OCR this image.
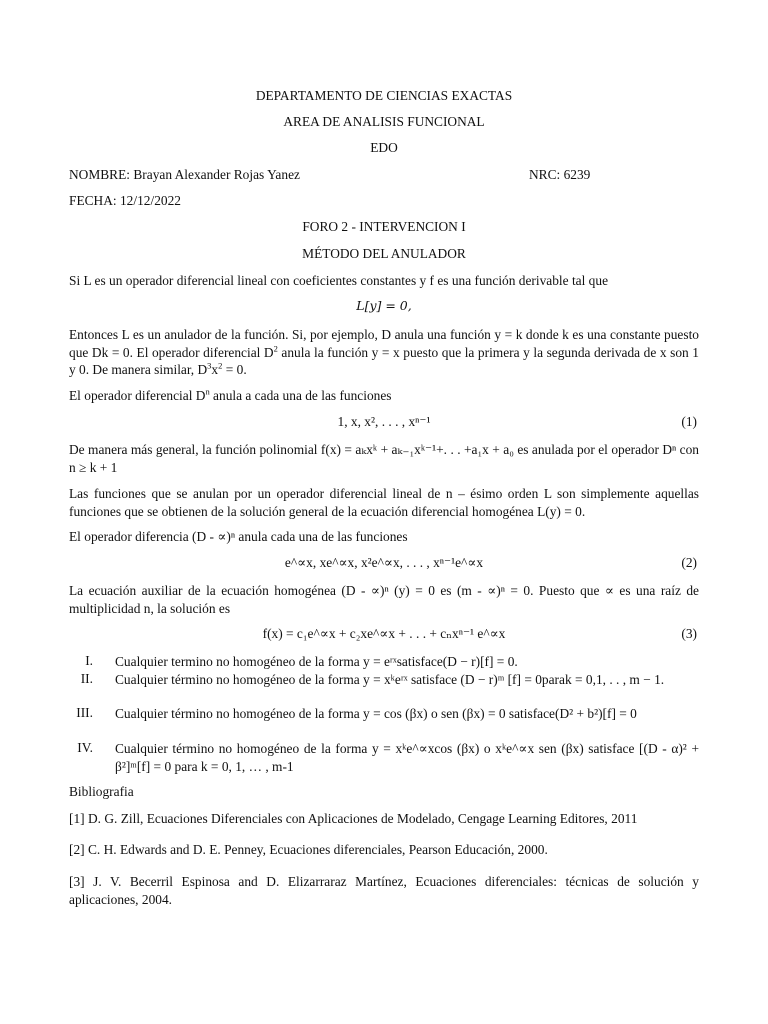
DEPARTAMENTO DE CIENCIAS EXACTAS
AREA DE ANALISIS FUNCIONAL
EDO
NOMBRE: Brayan Alexander Rojas Yanez	NRC: 6239
FECHA: 12/12/2022
FORO 2 - INTERVENCION I
MÉTODO DEL ANULADOR
Si L es un operador diferencial lineal con coeficientes constantes y f es una función derivable tal que
L[y] = 0,
Entonces L es un anulador de la función. Si, por ejemplo, D anula una función y = k donde k es una constante puesto que Dk = 0. El operador diferencial $D^2$ anula la función y = x puesto que la primera y la segunda derivada de x son 1 y 0. De manera similar, $D^3x^2 = 0$.
El operador diferencial $D^n$ anula a cada una de las funciones
1, x, x², . . . , xⁿ⁻¹	(1)
De manera más general, la función polinomial f(x) = aₖxᵏ + aₖ₋₁xᵏ⁻¹+. . . +a₁x + a₀ es anulada por el operador Dⁿ con n ≥ k + 1
Las funciones que se anulan por un operador diferencial lineal de n – ésimo orden L son simplemente aquellas funciones que se obtienen de la solución general de la ecuación diferencial homogénea L(y) = 0.
El operador diferencia (D - ∝)ⁿ anula cada una de las funciones
e^∝x, xe^∝x, x²e^∝x, . . . , xⁿ⁻¹e^∝x	(2)
La ecuación auxiliar de la ecuación homogénea (D - ∝)ⁿ (y) = 0 es (m - ∝)ⁿ = 0. Puesto que ∝ es una raíz de multiplicidad n, la solución es
f(x) = c₁e^∝x + c₂xe^∝x + . . . + cₙxⁿ⁻¹ e^∝x	(3)
I. Cualquier termino no homogéneo de la forma y = eʳˣsatisface(D − r)[f] = 0.
II. Cualquier término no homogéneo de la forma y = xᵏeʳˣ satisface (D − r)ᵐ [f] = 0parak = 0,1, . . , m − 1.
III. Cualquier término no homogéneo de la forma y = cos (βx) o sen (βx) = 0 satisface(D² + b²)[f] = 0
IV. Cualquier término no homogéneo de la forma y = xᵏe^∝xcos (βx) o xᵏe^∝x sen (βx) satisface [(D - α)² + β²]ᵐ[f] = 0 para k = 0, 1, … , m-1
Bibliografia
[1] D. G. Zill, Ecuaciones Diferenciales con Aplicaciones de Modelado, Cengage Learning Editores, 2011
[2] C. H. Edwards and D. E. Penney, Ecuaciones diferenciales, Pearson Educación, 2000.
[3] J. V. Becerril Espinosa and D. Elizarraraz Martínez, Ecuaciones diferenciales: técnicas de solución y aplicaciones, 2004.
